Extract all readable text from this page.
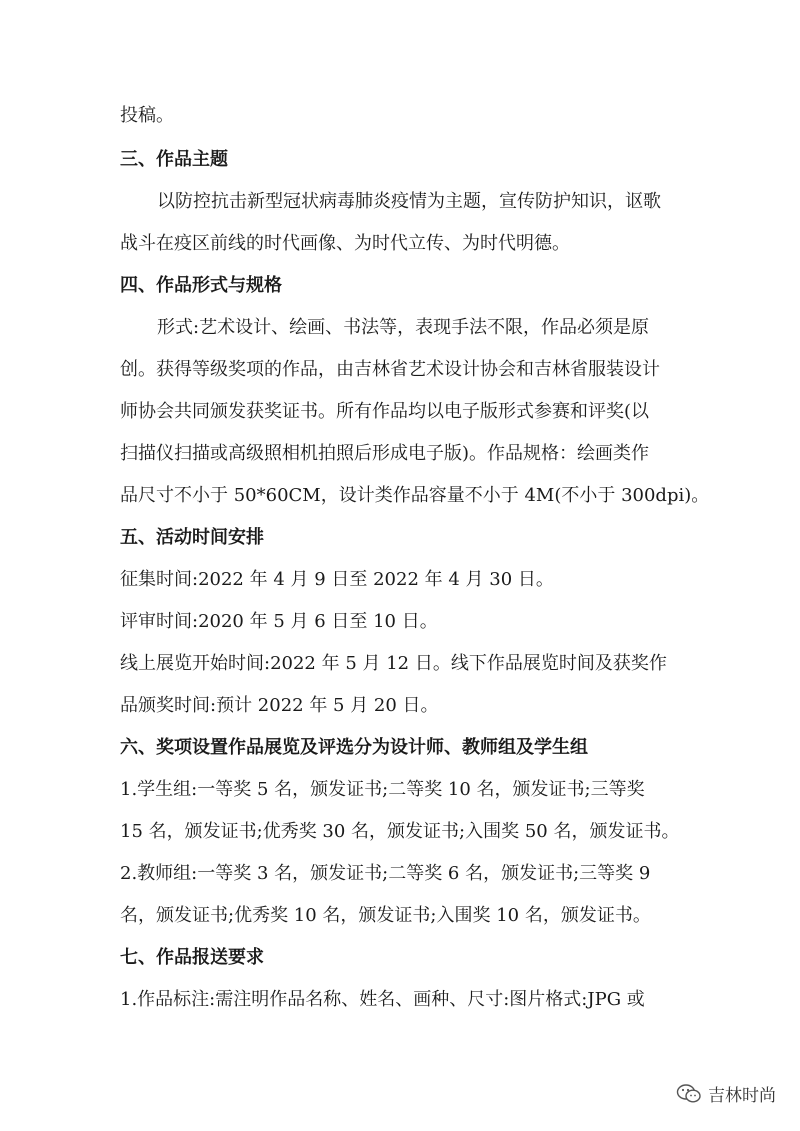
投稿。
三、作品主题
以防控抗击新型冠状病毒肺炎疫情为主题，宣传防护知识，讴歌
战斗在疫区前线的时代画像、为时代立传、为时代明德。
四、作品形式与规格
形式:艺术设计、绘画、书法等，表现手法不限，作品必须是原
创。获得等级奖项的作品，由吉林省艺术设计协会和吉林省服装设计
师协会共同颁发获奖证书。所有作品均以电子版形式参赛和评奖(以
扫描仪扫描或高级照相机拍照后形成电子版)。作品规格：绘画类作
品尺寸不小于 50*60CM，设计类作品容量不小于 4M(不小于 300dpi)。
五、活动时间安排
征集时间:2022 年 4 月 9 日至 2022 年 4 月 30 日。
评审时间:2020 年 5 月 6 日至 10 日。
线上展览开始时间:2022 年 5 月 12 日。线下作品展览时间及获奖作
品颁奖时间:预计 2022 年 5 月 20 日。
六、奖项设置作品展览及评选分为设计师、教师组及学生组
1.学生组:一等奖 5 名，颁发证书;二等奖 10 名，颁发证书;三等奖
15 名，颁发证书;优秀奖 30 名，颁发证书;入围奖 50 名，颁发证书。
2.教师组:一等奖 3 名，颁发证书;二等奖 6 名，颁发证书;三等奖 9
名，颁发证书;优秀奖 10 名，颁发证书;入围奖 10 名，颁发证书。
七、作品报送要求
1.作品标注:需注明作品名称、姓名、画种、尺寸:图片格式:JPG 或
吉林时尚
